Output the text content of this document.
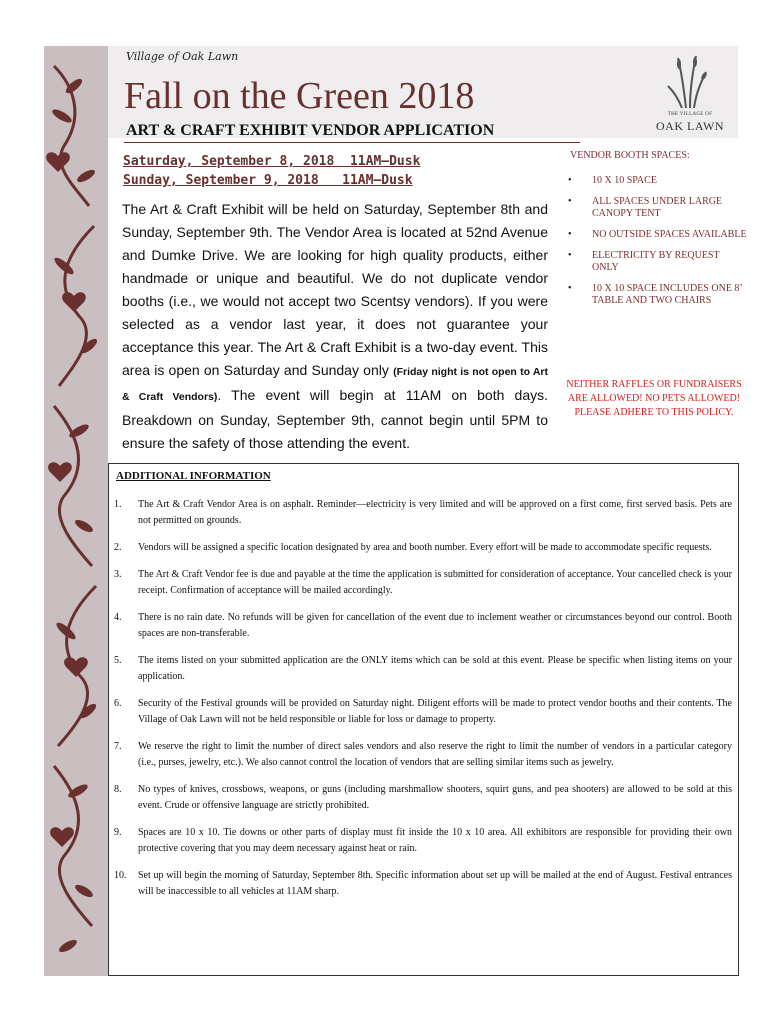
Village of Oak Lawn
Fall on the Green 2018
ART & CRAFT EXHIBIT VENDOR APPLICATION
THE VILLAGE OF
OAK LAWN
Saturday, September 8, 2018  11AM—Dusk
Sunday, September 9, 2018   11AM—Dusk
The Art & Craft Exhibit will be held on Saturday, September 8th and Sunday, September 9th. The Vendor Area is located at 52nd Avenue and Dumke Drive. We are looking for high quality products, either handmade or unique and beautiful. We do not duplicate vendor booths (i.e., we would not accept two Scentsy vendors). If you were selected as a vendor last year, it does not guarantee your acceptance this year. The Art & Craft Exhibit is a two-day event. This area is open on Saturday and Sunday only (Friday night is not open to Art & Craft Vendors). The event will begin at 11AM on both days. Breakdown on Sunday, September 9th, cannot begin until 5PM to ensure the safety of those attending the event.
VENDOR BOOTH SPACES:
• 10 X 10 SPACE
• ALL SPACES UNDER LARGE CANOPY TENT
• NO OUTSIDE SPACES AVAILABLE
• ELECTRICITY BY REQUEST ONLY
• 10 X 10 SPACE INCLUDES ONE 8’ TABLE AND TWO CHAIRS
NEITHER RAFFLES OR FUNDRAISERS ARE ALLOWED! NO PETS ALLOWED! PLEASE ADHERE TO THIS POLICY.
ADDITIONAL INFORMATION
1. The Art & Craft Vendor Area is on asphalt. Reminder—electricity is very limited and will be approved on a first come, first served basis. Pets are not permitted on grounds.
2. Vendors will be assigned a specific location designated by area and booth number. Every effort will be made to accommodate specific requests.
3. The Art & Craft Vendor fee is due and payable at the time the application is submitted for consideration of acceptance. Your cancelled check is your receipt. Confirmation of acceptance will be mailed accordingly.
4. There is no rain date. No refunds will be given for cancellation of the event due to inclement weather or circumstances beyond our control. Booth spaces are non-transferable.
5. The items listed on your submitted application are the ONLY items which can be sold at this event. Please be specific when listing items on your application.
6. Security of the Festival grounds will be provided on Saturday night. Diligent efforts will be made to protect vendor booths and their contents. The Village of Oak Lawn will not be held responsible or liable for loss or damage to property.
7. We reserve the right to limit the number of direct sales vendors and also reserve the right to limit the number of vendors in a particular category (i.e., purses, jewelry, etc.). We also cannot control the location of vendors that are selling similar items such as jewelry.
8. No types of knives, crossbows, weapons, or guns (including marshmallow shooters, squirt guns, and pea shooters) are allowed to be sold at this event. Crude or offensive language are strictly prohibited.
9. Spaces are 10 x 10. Tie downs or other parts of display must fit inside the 10 x 10 area. All exhibitors are responsible for providing their own protective covering that you may deem necessary against heat or rain.
10. Set up will begin the morning of Saturday, September 8th. Specific information about set up will be mailed at the end of August. Festival entrances will be inaccessible to all vehicles at 11AM sharp.
